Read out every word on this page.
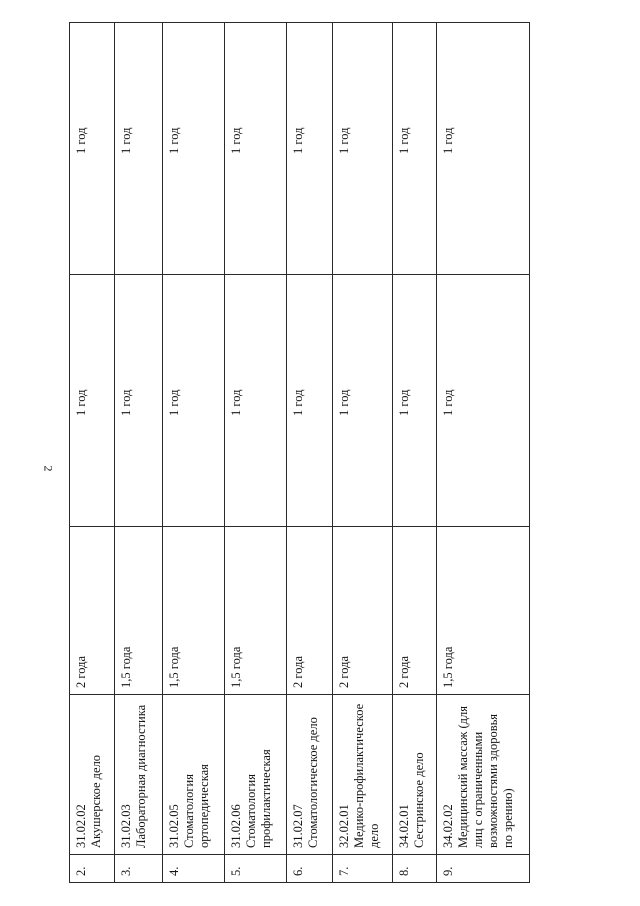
2
2.	31.02.02 Акушерское дело	2 года	1 год	1 год
3.	31.02.03 Лабораторная диагностика	1,5 года	1 год	1 год
4.	31.02.05 Стоматология ортопедическая	1,5 года	1 год	1 год
5.	31.02.06 Стоматология профилактическая	1,5 года	1 год	1 год
6.	31.02.07 Стоматологическое дело	2 года	1 год	1 год
7.	32.02.01 Медико-профилактическое дело	2 года	1 год	1 год
8.	34.02.01 Сестринское дело	2 года	1 год	1 год
9.	34.02.02 Медицинский массаж (для лиц с ограниченными возможностями здоровья по зрению)	1,5 года	1 год	1 год
